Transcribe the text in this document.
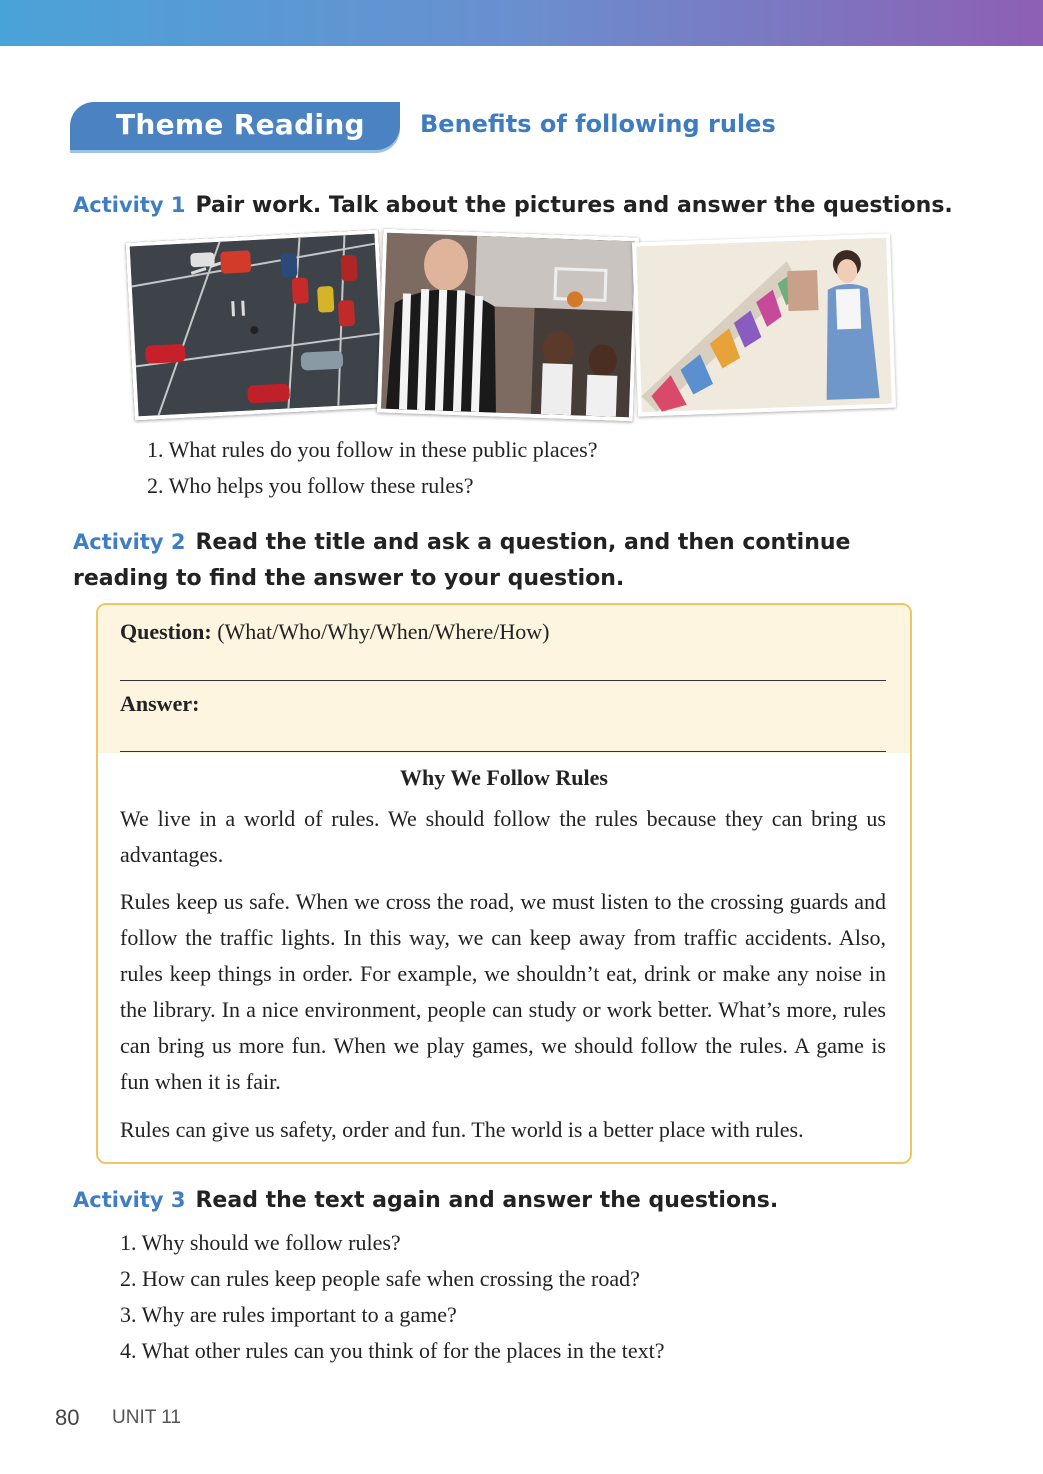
Theme Reading Benefits of following rules
Activity 1 Pair work. Talk about the pictures and answer the questions.
1. What rules do you follow in these public places?
2. Who helps you follow these rules?
Activity 2 Read the title and ask a question, and then continue reading to find the answer to your question.
Question: (What/Who/Why/When/Where/How)
Answer:
Why We Follow Rules
We live in a world of rules. We should follow the rules because they can bring us advantages.
Rules keep us safe. When we cross the road, we must listen to the crossing guards and follow the traffic lights. In this way, we can keep away from traffic accidents. Also, rules keep things in order. For example, we shouldn’t eat, drink or make any noise in the library. In a nice environment, people can study or work better. What’s more, rules can bring us more fun. When we play games, we should follow the rules. A game is fun when it is fair.
Rules can give us safety, order and fun. The world is a better place with rules.
Activity 3 Read the text again and answer the questions.
1. Why should we follow rules?
2. How can rules keep people safe when crossing the road?
3. Why are rules important to a game?
4. What other rules can you think of for the places in the text?
80 UNIT 11
